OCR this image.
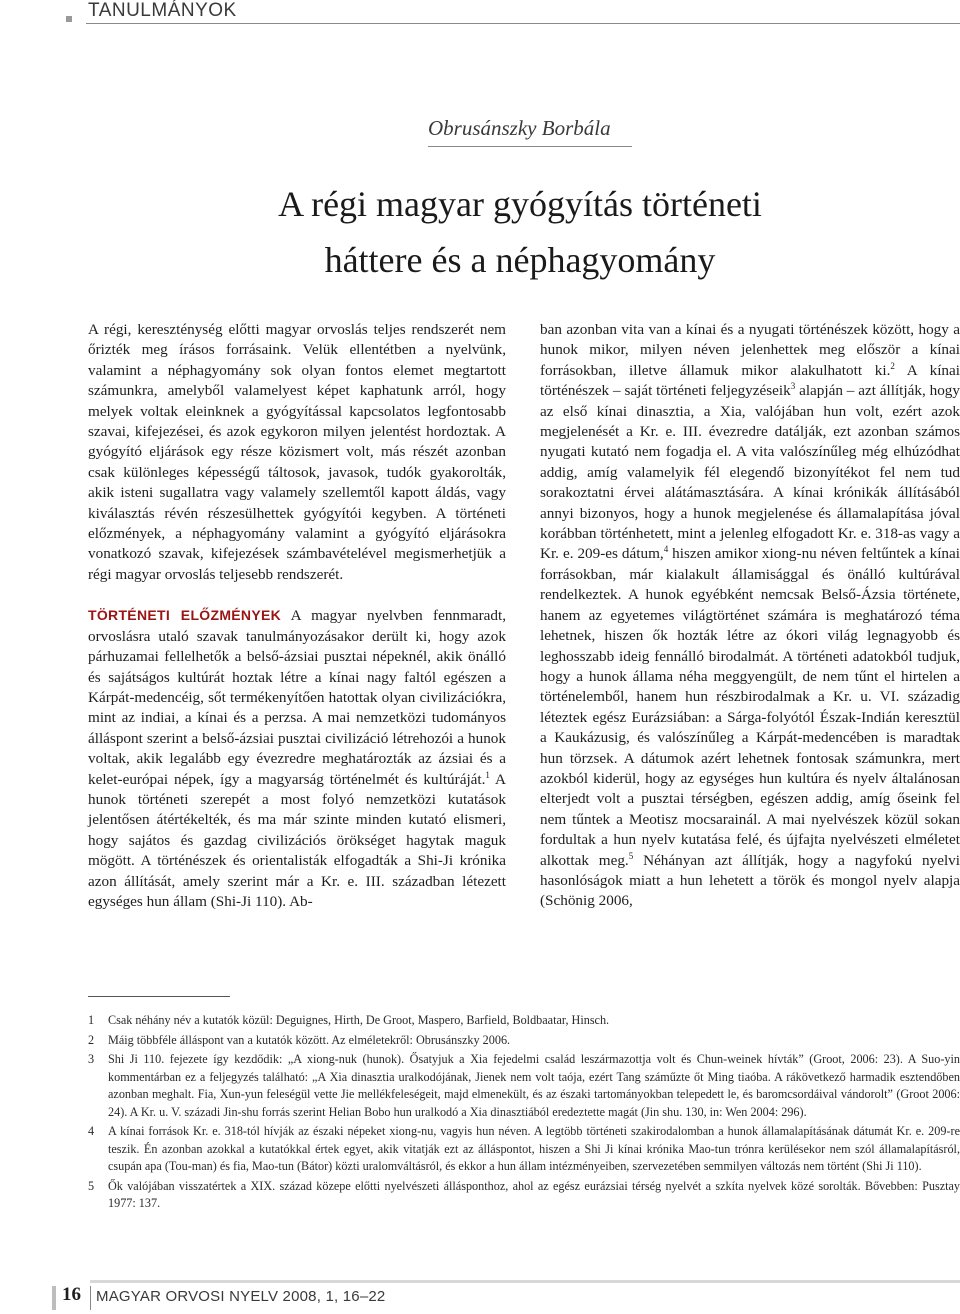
TANULMÁNYOK
Obrusánszky Borbála
A régi magyar gyógyítás történeti
háttere és a néphagyomány

A régi, kereszténység előtti magyar orvoslás teljes rendszerét nem őrizték meg írásos forrásaink. Velük ellentétben a nyelvünk, valamint a néphagyomány sok olyan fontos elemet megtartott számunkra, amelyből valamelyest képet kaphatunk arról, hogy melyek voltak eleinknek a gyógyítással kapcsolatos legfontosabb szavai, kifejezései, és azok egykoron milyen jelentést hordoztak. A gyógyító eljárások egy része közismert volt, más részét azonban csak különleges képességű táltosok, javasok, tudók gyakorolták, akik isteni sugallatra vagy valamely szellemtől kapott áldás, vagy kiválasztás révén részesülhettek gyógyítói kegyben. A történeti előzmények, a néphagyomány valamint a gyógyító eljárásokra vonatkozó szavak, kifejezések számbavételével megismerhetjük a régi magyar orvoslás teljesebb rendszerét.

TÖRTÉNETI ELŐZMÉNYEK A magyar nyelvben fennmaradt, orvoslásra utaló szavak tanulmányozásakor derült ki, hogy azok párhuzamai fellelhetők a belső-ázsiai pusztai népeknél, akik önálló és sajátságos kultúrát hoztak létre a kínai nagy faltól egészen a Kárpát-medencéig, sőt termékenyítően hatottak olyan civilizációkra, mint az indiai, a kínai és a perzsa. A mai nemzetközi tudományos álláspont szerint a belső-ázsiai pusztai civilizáció létrehozói a hunok voltak, akik legalább egy évezredre meghatározták az ázsiai és a kelet-európai népek, így a magyarság történelmét és kultúráját.$^1$ A hunok történeti szerepét a most folyó nemzetközi kutatások jelentősen átértékelték, és ma már szinte minden kutató elismeri, hogy sajátos és gazdag civilizációs örökséget hagytak maguk mögött. A történészek és orientalisták elfogadták a Shi-Ji krónika azon állítását, amely szerint már a Kr. e. III. században létezett egységes hun állam (Shi-Ji 110). Ab-

ban azonban vita van a kínai és a nyugati történészek között, hogy a hunok mikor, milyen néven jelenhettek meg először a kínai forrásokban, illetve államuk mikor alakulhatott ki.$^2$ A kínai történészek – saját történeti feljegyzéseik$^3$ alapján – azt állítják, hogy az első kínai dinasztia, a Xia, valójában hun volt, ezért azok megjelenését a Kr. e. III. évezredre datálják, ezt azonban számos nyugati kutató nem fogadja el. A vita valószínűleg még elhúzódhat addig, amíg valamelyik fél elegendő bizonyítékot fel nem tud sorakoztatni érvei alátámasztására. A kínai krónikák állításából annyi bizonyos, hogy a hunok megjelenése és államalapítása jóval korábban történhetett, mint a jelenleg elfogadott Kr. e. 318-as vagy a Kr. e. 209-es dátum,$^4$ hiszen amikor xiong-nu néven feltűntek a kínai forrásokban, már kialakult államisággal és önálló kultúrával rendelkeztek. A hunok egyébként nemcsak Belső-Ázsia története, hanem az egyetemes világtörténet számára is meghatározó téma lehetnek, hiszen ők hozták létre az ókori világ legnagyobb és leghosszabb ideig fennálló birodalmát. A történeti adatokból tudjuk, hogy a hunok állama néha meggyengült, de nem tűnt el hirtelen a történelemből, hanem hun részbirodalmak a Kr. u. VI. századig léteztek egész Eurázsiában: a Sárga-folyótól Észak-Indián keresztül a Kaukázusig, és valószínűleg a Kárpát-medencében is maradtak hun törzsek. A dátumok azért lehetnek fontosak számunkra, mert azokból kiderül, hogy az egységes hun kultúra és nyelv általánosan elterjedt volt a pusztai térségben, egészen addig, amíg őseink fel nem tűntek a Meotisz mocsarainál. A mai nyelvészek közül sokan fordultak a hun nyelv kutatása felé, és újfajta nyelvészeti elméletet alkottak meg.$^5$ Néhányan azt állítják, hogy a nagyfokú nyelvi hasonlóságok miatt a hun lehetett a török és mongol nyelv alapja (Schönig 2006,

1	Csak néhány név a kutatók közül: Deguignes, Hirth, De Groot, Maspero, Barfield, Boldbaatar, Hinsch.
2	Máig többféle álláspont van a kutatók között. Az elméletekről: Obrusánszky 2006.
3	Shi Ji 110. fejezete így kezdődik: „A xiong-nuk (hunok). Ősatyjuk a Xia fejedelmi család leszármazottja volt és Chun-weinek hívták” (Groot, 2006: 23). A Suo-yin kommentárban ez a feljegyzés található: „A Xia dinasztia uralkodójának, Jienek nem volt taója, ezért Tang száműzte őt Ming tiaóba. A rákövetkező harmadik esztendőben azonban meghalt. Fia, Xun-yun feleségül vette Jie mellékfeleségeit, majd elmenekült, és az északi tartományokban telepedett le, és baromcsordáival vándorolt” (Groot 2006: 24). A Kr. u. V. századi Jin-shu forrás szerint Helian Bobo hun uralkodó a Xia dinasztiából eredeztette magát (Jin shu. 130, in: Wen 2004: 296).
4	A kínai források Kr. e. 318-tól hívják az északi népeket xiong-nu, vagyis hun néven. A legtöbb történeti szakirodalomban a hunok államalapításának dátumát Kr. e. 209-re teszik. Én azonban azokkal a kutatókkal értek egyet, akik vitatják ezt az álláspontot, hiszen a Shi Ji kínai krónika Mao-tun trónra kerülésekor nem szól államalapításról, csupán apa (Tou-man) és fia, Mao-tun (Bátor) közti uralomváltásról, és ekkor a hun állam intézményeiben, szervezetében semmilyen változás nem történt (Shi Ji 110).
5	Ők valójában visszatértek a XIX. század közepe előtti nyelvészeti állásponthoz, ahol az egész eurázsiai térség nyelvét a szkíta nyelvek közé sorolták. Bővebben: Pusztay 1977: 137.
16 MAGYAR ORVOSI NYELV 2008, 1, 16–22
